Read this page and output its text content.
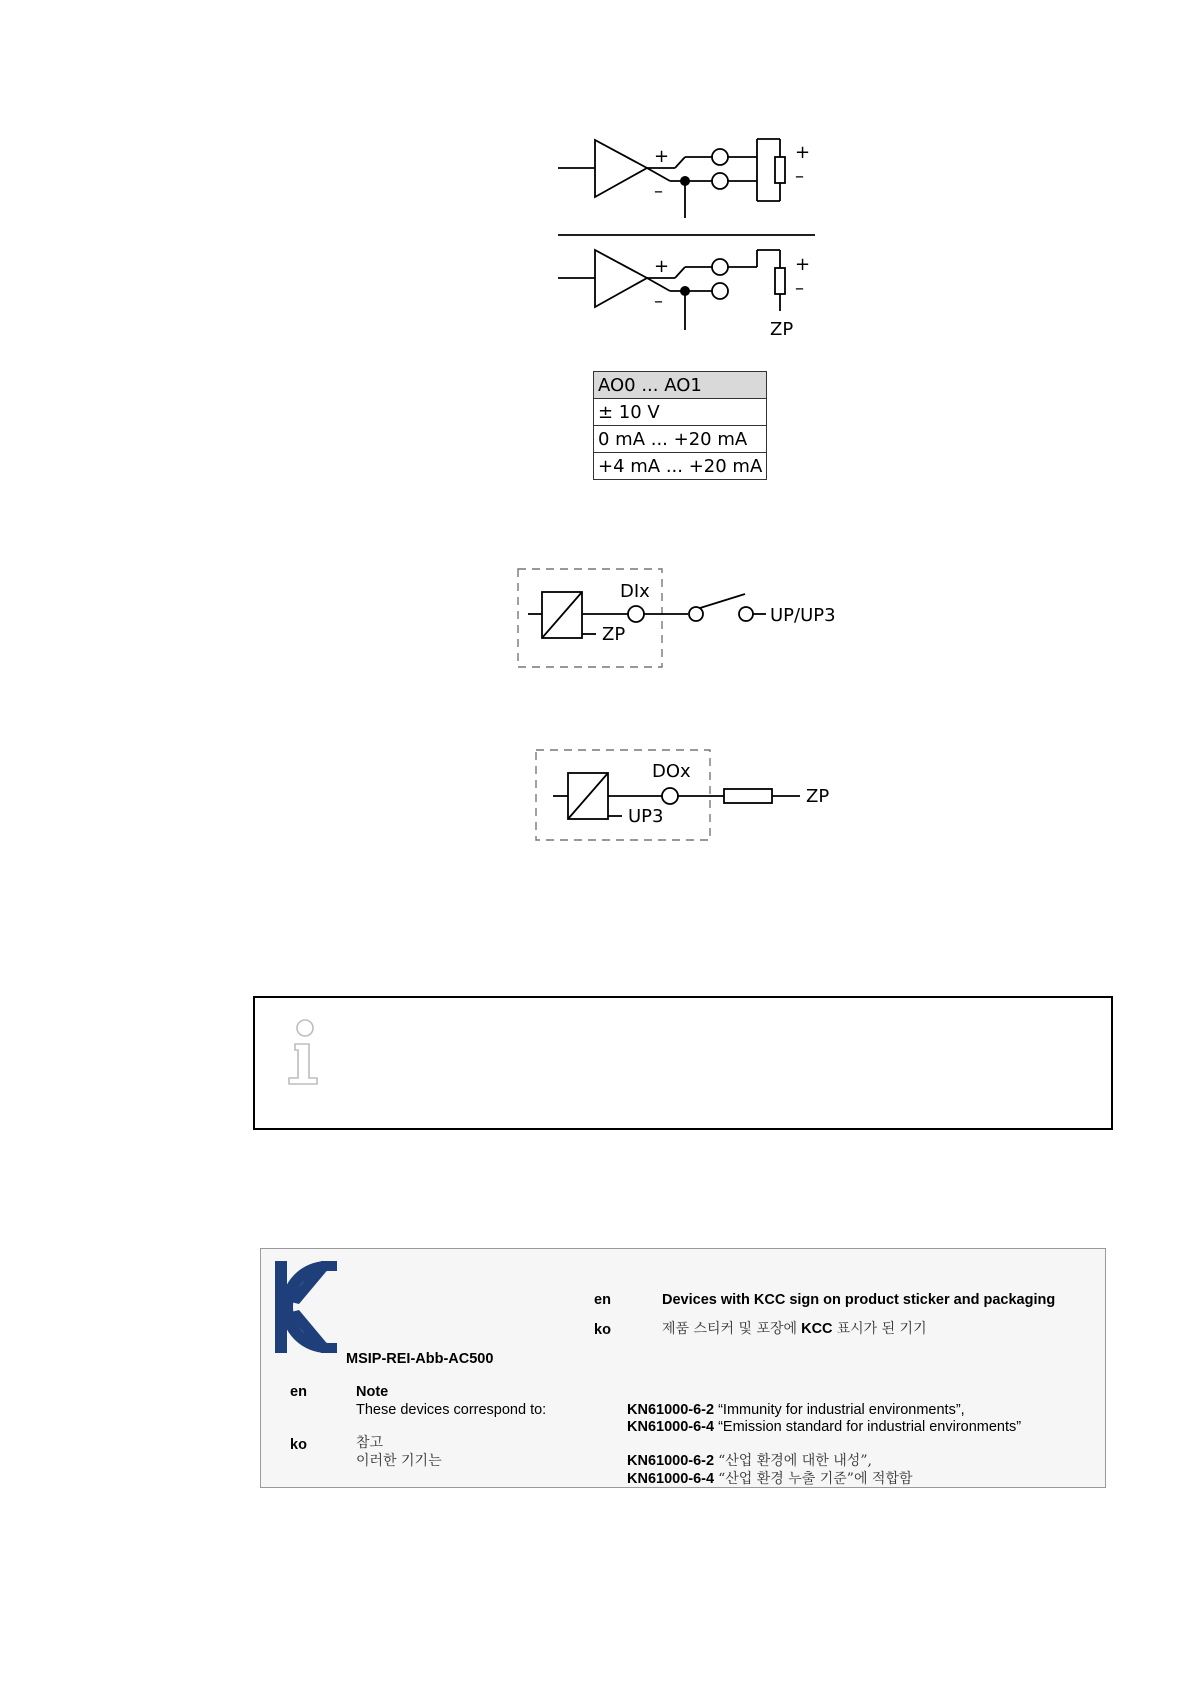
+
–
+
–
+
–
+
–
ZP
AO0 ... AO1
± 10 V
0 mA ... +20 mA
+4 mA ... +20 mA
DIx
ZP
UP/UP3
DOx
UP3
ZP
MSIP-REI-Abb-AC500
en	Devices with KCC sign on product sticker and packaging
ko	제품 스티커 및 포장에 KCC 표시가 된 기기
en	Note
These devices correspond to:
ko	참고
이러한 기기는
KN61000-6-2 “Immunity for industrial environments”,
KN61000-6-4 “Emission standard for industrial environments”
KN61000-6-2 “산업 환경에 대한 내성”,
KN61000-6-4 “산업 환경 누출 기준”에 적합함
